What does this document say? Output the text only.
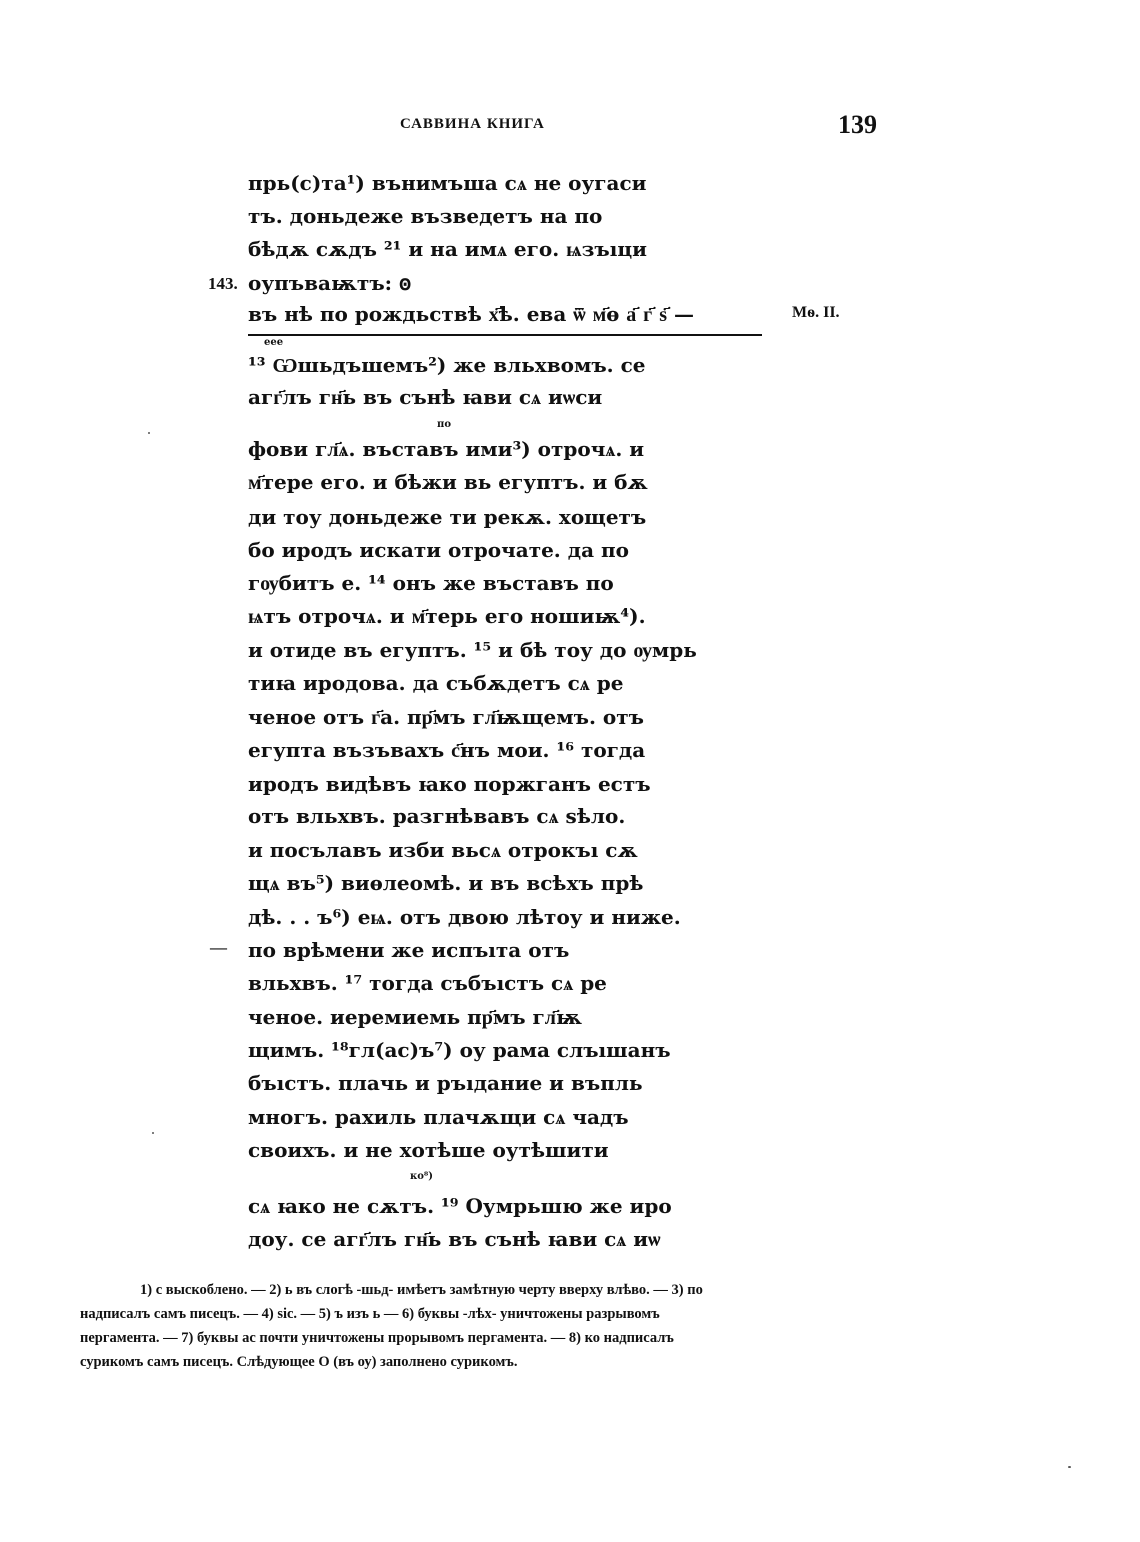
САВВИНА КНИГА	139
143.
Мѳ. II.
—
еее
по
ко⁸)
прь(с)та¹) вънимъша сѧ не оугаси
тъ. доньдеже възведетъ на по
бѣдѫ сѫдъ ²¹ и на имѧ его. ѩзъıци
оупъваѭтъ: ꙩ
въ нѣ по рождьствѣ х҃ѣ. ева ѿ м҃ѳ а҃ г҃ ѕ҃ —
¹³ Ѡшьдъшемъ²) же вльхвомъ. се
агг҃лъ гн҃ь въ сънѣ ꙗви сѧ иѡси
фови гл҃ѧ. въставъ ими³) отрочѧ. и
м҃тере его. и бѣжи вь егуптъ. и бѫ
ди тоу доньдеже ти рекѫ. хощетъ
бо иродъ искати отрочате. да по
гѹбитъ е. ¹⁴ онъ же въставъ по
ѩтъ отрочѧ. и м҃терь его ношиѭ⁴).
и отиде въ егуптъ. ¹⁵ и бѣ тоу до ѹмрь
тиꙗ иродова. да събѫдетъ сѧ ре
ченое отъ г҃а. пр҃мъ гл҃ѭщемъ. отъ
егупта възъвахъ с҃нъ мои. ¹⁶ тогда
иродъ видѣвъ ꙗко поржганъ естъ
отъ вльхвъ. разгнѣвавъ сѧ ѕѣло.
и посълавъ изби вьсѧ отрокъı сѫ
щѧ въ⁵) виѳлеомѣ. и въ всѣхъ прѣ
дѣ. . . ъ⁶) еѩ. отъ двою лѣтоу и ниже.
по врѣмени же испъıта отъ
вльхвъ. ¹⁷ тогда събъıстъ сѧ ре
ченое. иеремиемь пр҃мъ гл҃ѭ
щимъ. ¹⁸гл(ас)ъ⁷) оу рама слъıшанъ
бъıстъ. плачь и ръıдание и въпль
многъ. рахиль плачѫщи сѧ чадъ
своихъ. и не хотѣше оутѣшити
сѧ ꙗко не сѫтъ. ¹⁹ Оумрьшю же иро
доу. се агг҃лъ гн҃ь въ сънѣ ꙗви сѧ иѡ
1) с выскоблено. — 2) ь въ слогѣ -шьд- имѣетъ замѣтную черту вверху влѣво. — 3) по
надписалъ самъ писецъ. — 4) sic. — 5) ъ изъ ь — 6) буквы -лѣх- уничтожены разрывомъ
пергамента. — 7) буквы ас почти уничтожены прорывомъ пергамента. — 8) ко надписалъ
сурикомъ самъ писецъ. Слѣдующее О (въ оу) заполнено сурикомъ.
